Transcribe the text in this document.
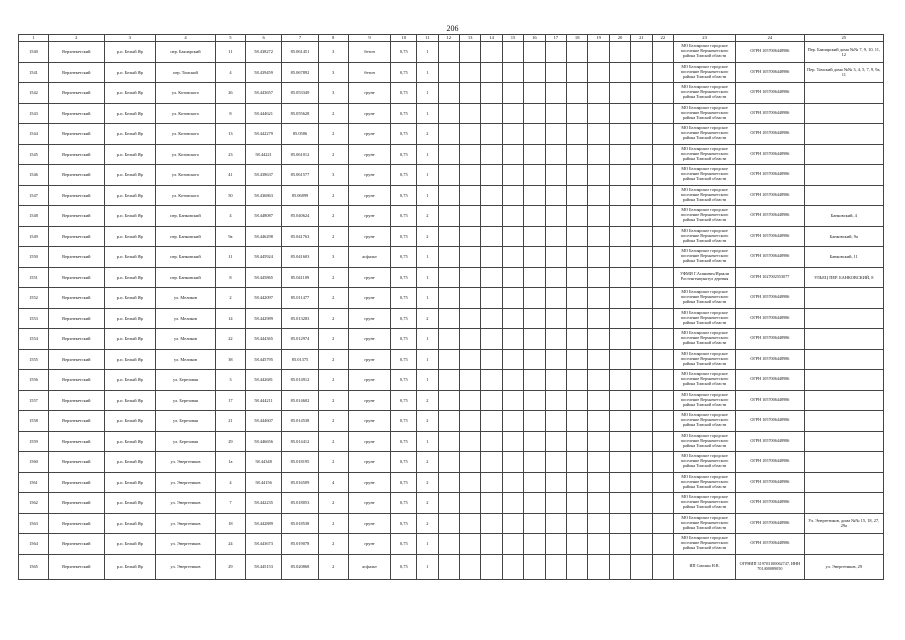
206
1	2	3	4	5	6	7	8	9	10	11	12	13	14	15	16	17	18	19	20	21	22	23	24	25
1540	Верхнекетский	р.п. Белый Яр	пер. Бакчарский	11	58.438272	85.061451	3	бетон	0,75	1												МО Белоярское городское поселение Верхнекетского района Томской области	ОГРН 1057006448986	Пер. Бакчарский дома №№ 7, 9, 10, 11, 12
1541	Верхнекетский	р.п. Белый Яр	пер. Томский	4	58.439459	85.067892	3	бетон	0,75	1												МО Белоярское городское поселение Верхнекетского района Томской области	ОГРН 1057006448986	Пер. Томский дома №№ 3, 4, 5, 7, 9, 9а, 11
1542	Верхнекетский	р.п. Белый Яр	ул. Котовского	26	58.443657	85.053349	3	грунт	0,75	1												МО Белоярское городское поселение Верхнекетского района Томской области	ОГРН 1057006448986	
1543	Верхнекетский	р.п. Белый Яр	ул. Котовского	8	58.444621	85.055628	2	грунт	0,75	1												МО Белоярское городское поселение Верхнекетского района Томской области	ОГРН 1057006448986	
1544	Верхнекетский	р.п. Белый Яр	ул. Котовского	13	58.442279	85.0586	2	грунт	0,75	2												МО Белоярское городское поселение Верхнекетского района Томской области	ОГРН 1057006448986	
1545	Верхнекетский	р.п. Белый Яр	ул. Котовского	23	58.44221	85.061012	2	грунт	0,75	1												МО Белоярское городское поселение Верхнекетского района Томской области	ОГРН 1057006448986	
1546	Верхнекетский	р.п. Белый Яр	ул. Котовского	41	58.438637	85.061577	3	грунт	0,75	1												МО Белоярское городское поселение Верхнекетского района Томской области	ОГРН 1057006448986	
1547	Верхнекетский	р.п. Белый Яр	ул. Котовского	50	58.436863	85.06899	2	грунт	0,75	1												МО Белоярское городское поселение Верхнекетского района Томской области	ОГРН 1057006448986	
1548	Верхнекетский	р.п. Белый Яр	пер. Банковский	4	58.448087	85.040624	2	грунт	0,75	2												МО Белоярское городское поселение Верхнекетского района Томской области	ОГРН 1057006448986	Банковский, 4
1549	Верхнекетский	р.п. Белый Яр	пер. Банковский	9а	58.446298	85.041763	2	грунт	0,75	2												МО Белоярское городское поселение Верхнекетского района Томской области	ОГРН 1057006448986	Банковский, 9а
1550	Верхнекетский	р.п. Белый Яр	пер. Банковский	11	58.445924	85.041603	3	асфальт	0,75	1												МО Белоярское городское поселение Верхнекетского района Томской области	ОГРН 1057006448986	Банковский, 11
1551	Верхнекетский	р.п. Белый Яр	пер. Банковский	8	58.445865	85.041109	2	грунт	0,75	1												УФМИ Г.Асинович/Иракли Ростенгенпунктул деревня	ОГРН 1027002553077	УЛЬЕЦ ПЕР. БАНКОВСКИЙ, 8
1552	Верхнекетский	р.п. Белый Яр	ул. Меликов	2	58.442097	85.011477	2	грунт	0,75	1												МО Белоярское городское поселение Верхнекетского района Томской области	ОГРН 1057006448986	
1553	Верхнекетский	р.п. Белый Яр	ул. Меликов	14	58.442989	85.013283	2	грунт	0,75	2												МО Белоярское городское поселение Верхнекетского района Томской области	ОГРН 1057006448986	
1554	Верхнекетский	р.п. Белый Яр	ул. Меликов	22	58.444365	85.012974	2	грунт	0,75	1												МО Белоярское городское поселение Верхнекетского района Томской области	ОГРН 1057006448986	
1555	Верхнекетский	р.п. Белый Яр	ул. Меликов	38	58.445795	85.01375	2	грунт	0,75	1												МО Белоярское городское поселение Верхнекетского района Томской области	ОГРН 1057006448986	
1556	Верхнекетский	р.п. Белый Яр	ул. Березовая	3	58.442681	85.014912	2	грунт	0,75	1												МО Белоярское городское поселение Верхнекетского района Томской области	ОГРН 1057006448986	
1557	Верхнекетский	р.п. Белый Яр	ул. Березовая	17	58.444211	85.014602	2	грунт	0,75	2												МО Белоярское городское поселение Верхнекетского района Томской области	ОГРН 1057006448986	
1558	Верхнекетский	р.п. Белый Яр	ул. Березовая	21	58.444607	85.014538	2	грунт	0,75	2												МО Белоярское городское поселение Верхнекетского района Томской области	ОГРН 1057006448986	
1559	Верхнекетский	р.п. Белый Яр	ул. Березовая	29	58.446656	85.014412	2	грунт	0,75	1												МО Белоярское городское поселение Верхнекетского района Томской области	ОГРН 1057006448986	
1560	Верхнекетский	р.п. Белый Яр	ул. Энергетиков	1а	58.44348	85.018195	2	грунт	0,75	2												МО Белоярское городское поселение Верхнекетского района Томской области	ОГРН 1057006448986	
1561	Верхнекетский	р.п. Белый Яр	ул. Энергетиков	4	58.44156	85.016509	4	грунт	0,75	2												МО Белоярское городское поселение Верхнекетского района Томской области	ОГРН 1057006448986	
1562	Верхнекетский	р.п. Белый Яр	ул. Энергетиков	7	58.442235	85.018053	2	грунт	0,75	2												МО Белоярское городское поселение Верхнекетского района Томской области	ОГРН 1057006448986	
1563	Верхнекетский	р.п. Белый Яр	ул. Энергетиков	18	58.442889	85.018538	2	грунт	0,75	2												МО Белоярское городское поселение Верхнекетского района Томской области	ОГРН 1057006448986	Ул. Энергетиков, дома №№ 15, 18, 27, 29а
1564	Верхнекетский	р.п. Белый Яр	ул. Энергетиков	24	58.443673	85.019078	2	грунт	0,75	1												МО Белоярское городское поселение Верхнекетского района Томской области	ОГРН 1057006448986	
1565	Верхнекетский	р.п. Белый Яр	ул. Энергетиков	29	58.445153	85.020868	2	асфальт	0,75	1												ИП Смолин Н.В.	ОГРНИП 319703100062747, ИНН 701400089050	ул. Энергетиков, 29
